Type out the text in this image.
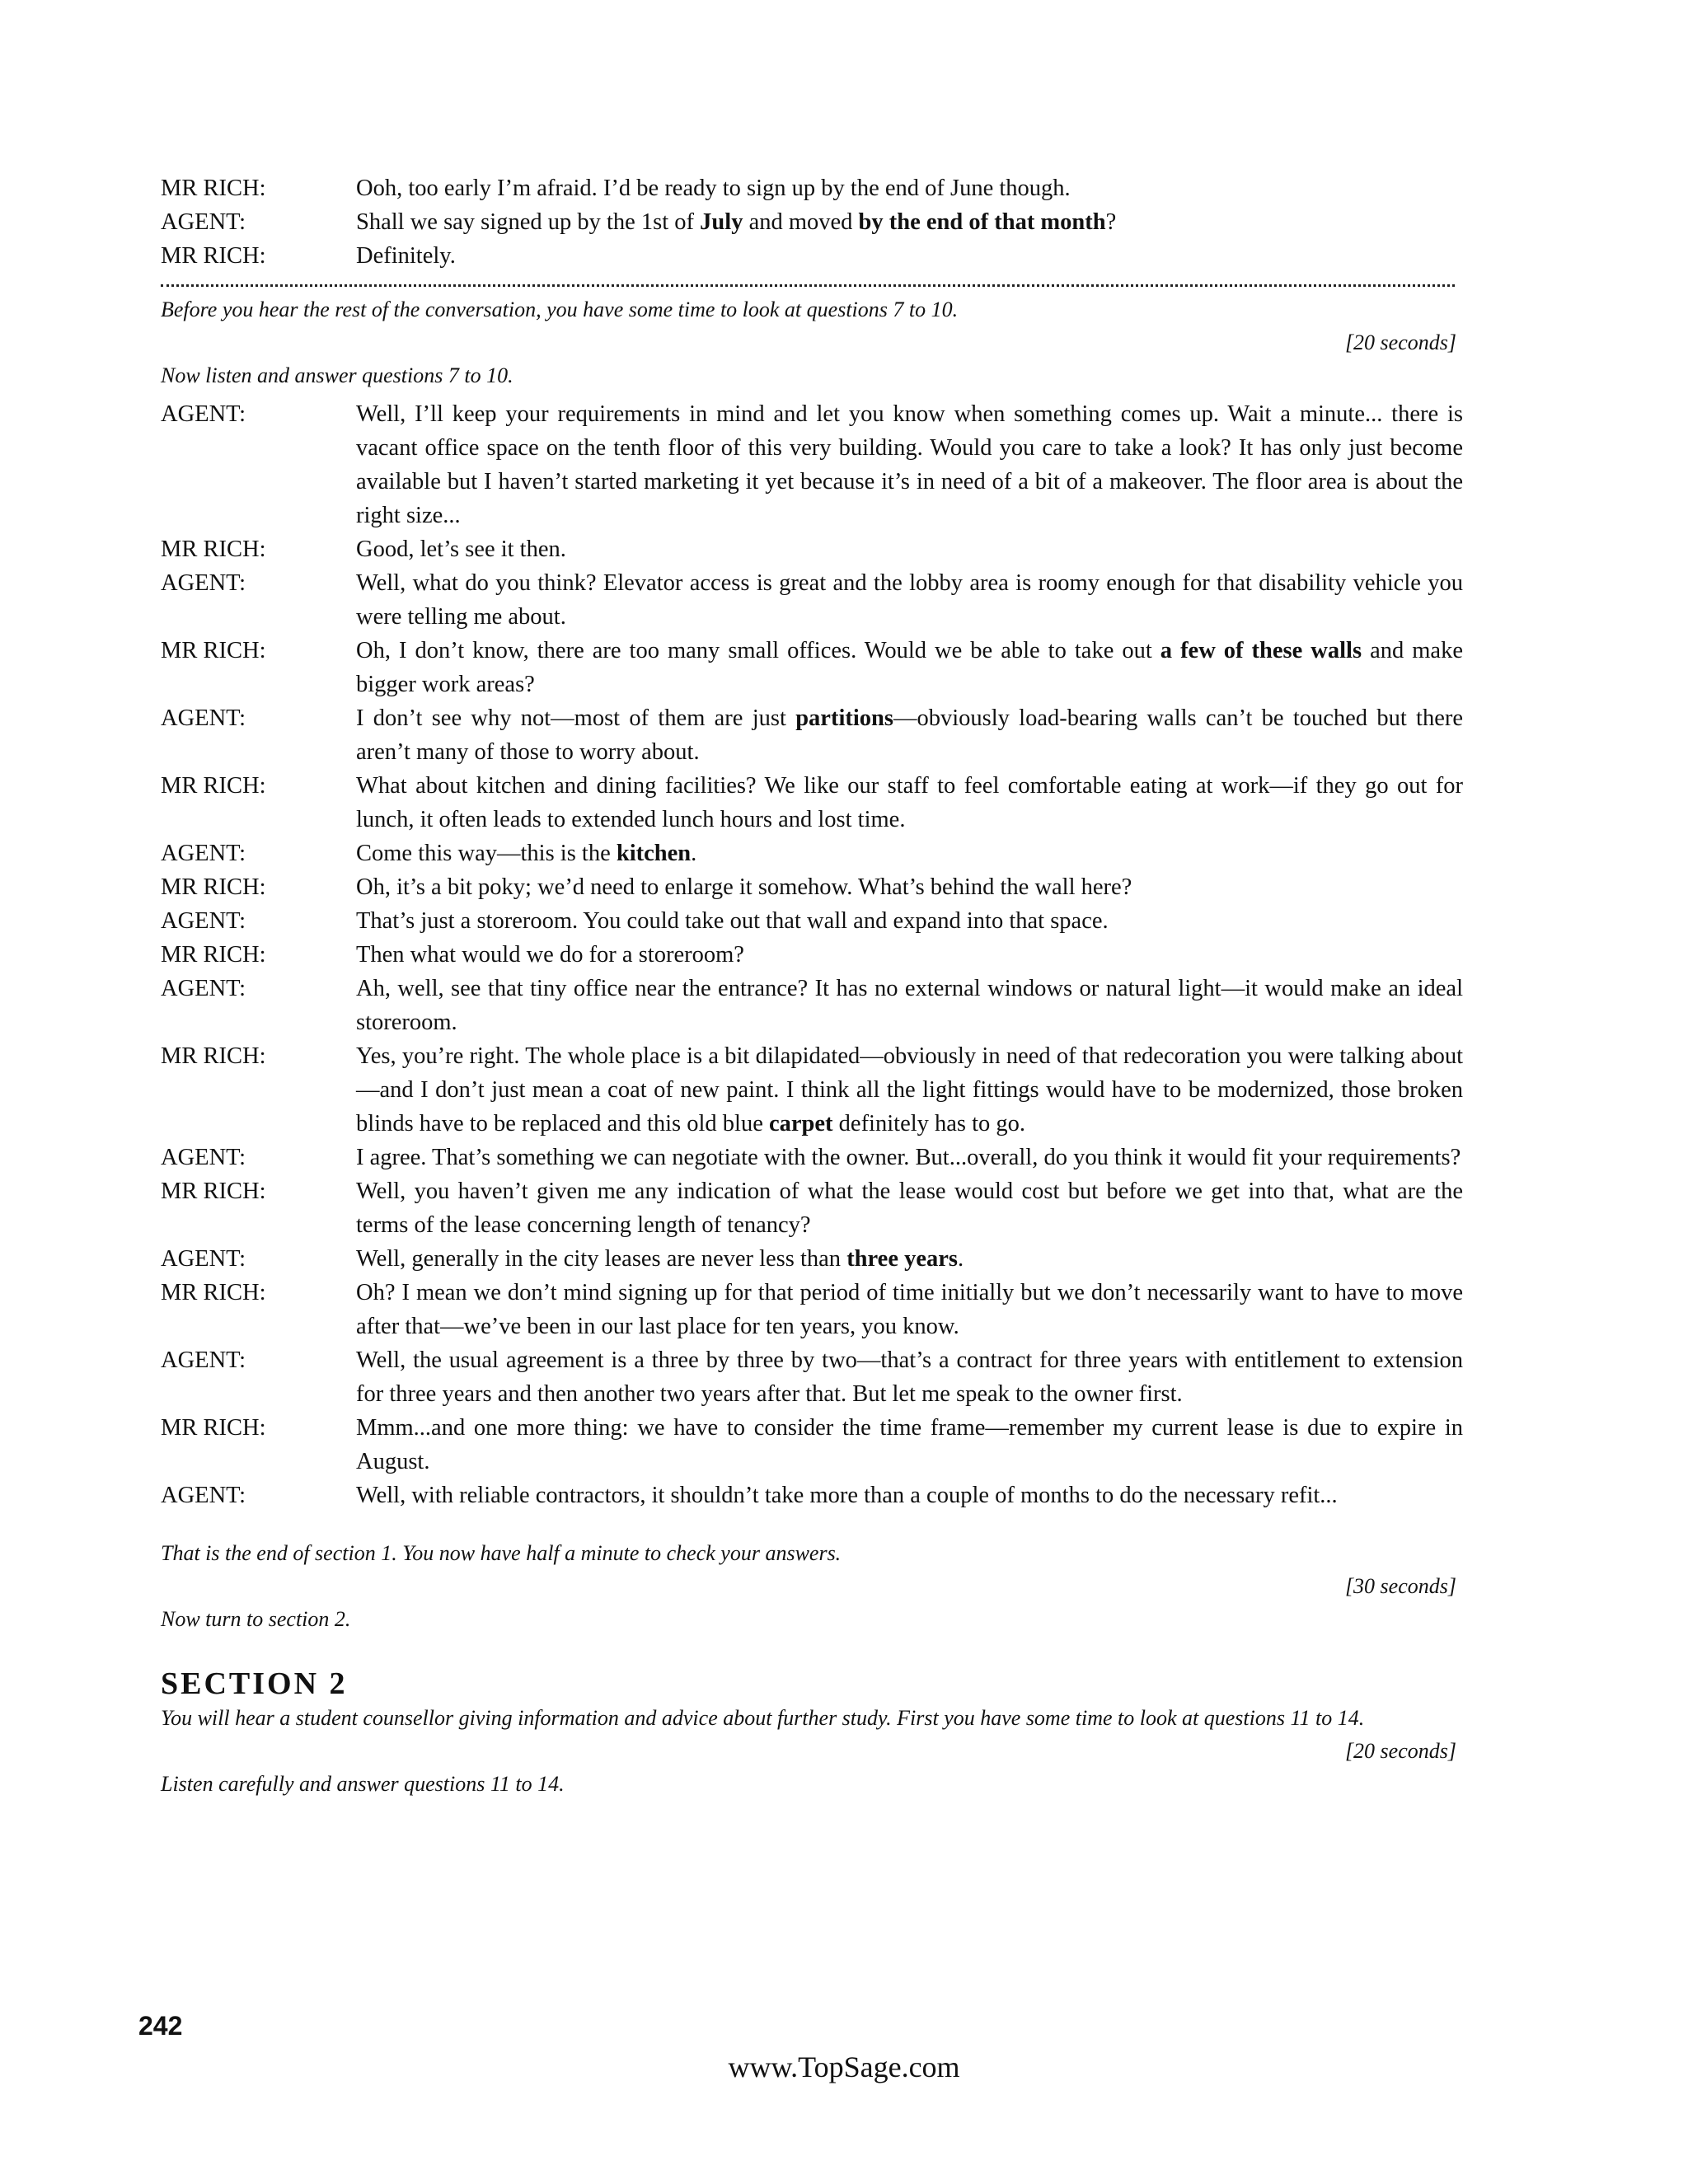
MR RICH:	Ooh, too early I’m afraid. I’d be ready to sign up by the end of June though.
AGENT:	Shall we say signed up by the 1st of July and moved by the end of that month?
MR RICH:	Definitely.
Before you hear the rest of the conversation, you have some time to look at questions 7 to 10.
[20 seconds]
Now listen and answer questions 7 to 10.
AGENT:	Well, I’ll keep your requirements in mind and let you know when something comes up. Wait a minute... there is vacant office space on the tenth floor of this very building. Would you care to take a look? It has only just become available but I haven’t started marketing it yet because it’s in need of a bit of a makeover. The floor area is about the right size...
MR RICH:	Good, let’s see it then.
AGENT:	Well, what do you think? Elevator access is great and the lobby area is roomy enough for that disability vehicle you were telling me about.
MR RICH:	Oh, I don’t know, there are too many small offices. Would we be able to take out a few of these walls and make bigger work areas?
AGENT:	I don’t see why not—most of them are just partitions—obviously load-bearing walls can’t be touched but there aren’t many of those to worry about.
MR RICH:	What about kitchen and dining facilities? We like our staff to feel comfortable eating at work—if they go out for lunch, it often leads to extended lunch hours and lost time.
AGENT:	Come this way—this is the kitchen.
MR RICH:	Oh, it’s a bit poky; we’d need to enlarge it somehow. What’s behind the wall here?
AGENT:	That’s just a storeroom. You could take out that wall and expand into that space.
MR RICH:	Then what would we do for a storeroom?
AGENT:	Ah, well, see that tiny office near the entrance? It has no external windows or natural light—it would make an ideal storeroom.
MR RICH:	Yes, you’re right. The whole place is a bit dilapidated—obviously in need of that redecoration you were talking about—and I don’t just mean a coat of new paint. I think all the light fittings would have to be modernized, those broken blinds have to be replaced and this old blue carpet definitely has to go.
AGENT:	I agree. That’s something we can negotiate with the owner. But...overall, do you think it would fit your requirements?
MR RICH:	Well, you haven’t given me any indication of what the lease would cost but before we get into that, what are the terms of the lease concerning length of tenancy?
AGENT:	Well, generally in the city leases are never less than three years.
MR RICH:	Oh? I mean we don’t mind signing up for that period of time initially but we don’t necessarily want to have to move after that—we’ve been in our last place for ten years, you know.
AGENT:	Well, the usual agreement is a three by three by two—that’s a contract for three years with entitlement to extension for three years and then another two years after that. But let me speak to the owner first.
MR RICH:	Mmm...and one more thing: we have to consider the time frame—remember my current lease is due to expire in August.
AGENT:	Well, with reliable contractors, it shouldn’t take more than a couple of months to do the necessary refit...
That is the end of section 1. You now have half a minute to check your answers.
[30 seconds]
Now turn to section 2.
SECTION 2
You will hear a student counsellor giving information and advice about further study. First you have some time to look at questions 11 to 14.
[20 seconds]
Listen carefully and answer questions 11 to 14.
242
www.TopSage.com
